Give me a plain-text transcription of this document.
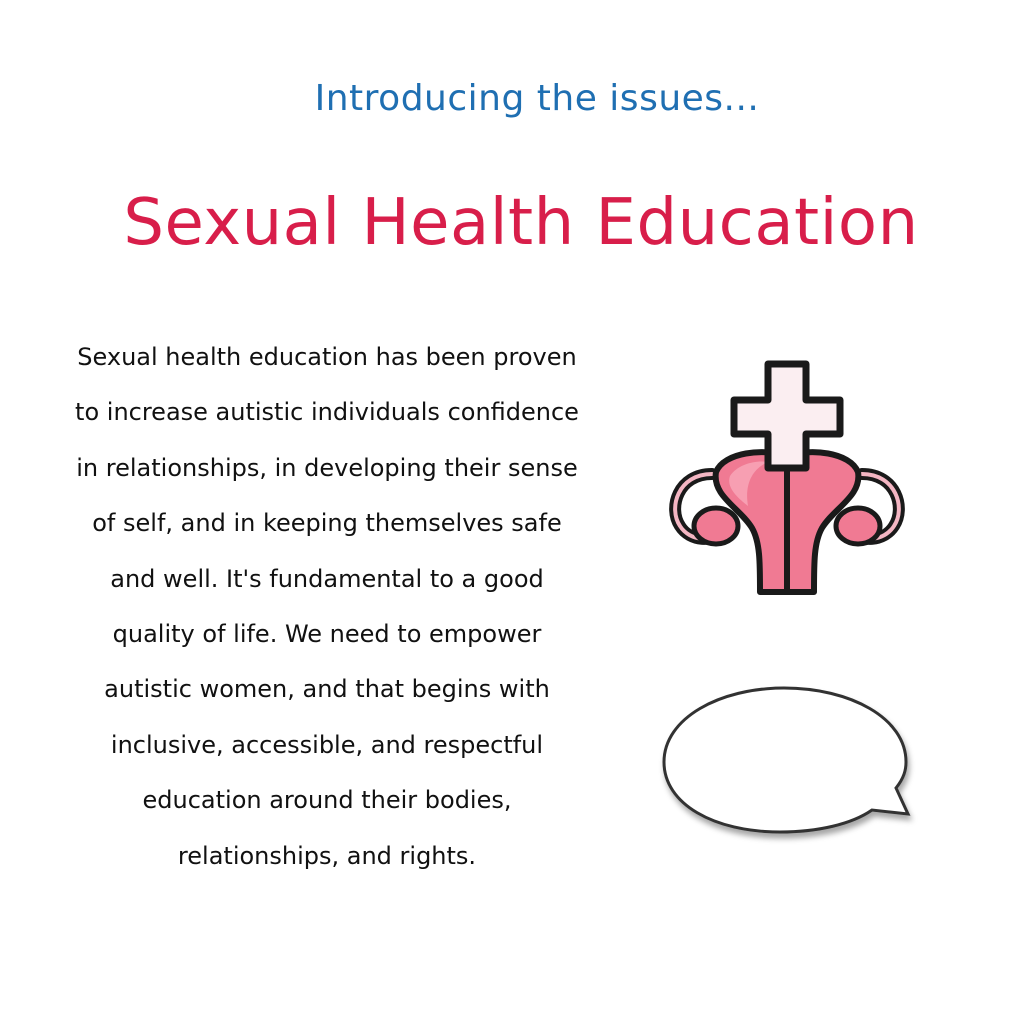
Introducing the issues...
Sexual Health Education
Sexual health education has been proven to increase autistic individuals confidence in relationships, in developing their sense of self, and in keeping themselves safe and well. It's fundamental to a good quality of life. We need to empower autistic women, and that begins with inclusive, accessible, and respectful education around their bodies, relationships, and rights.
